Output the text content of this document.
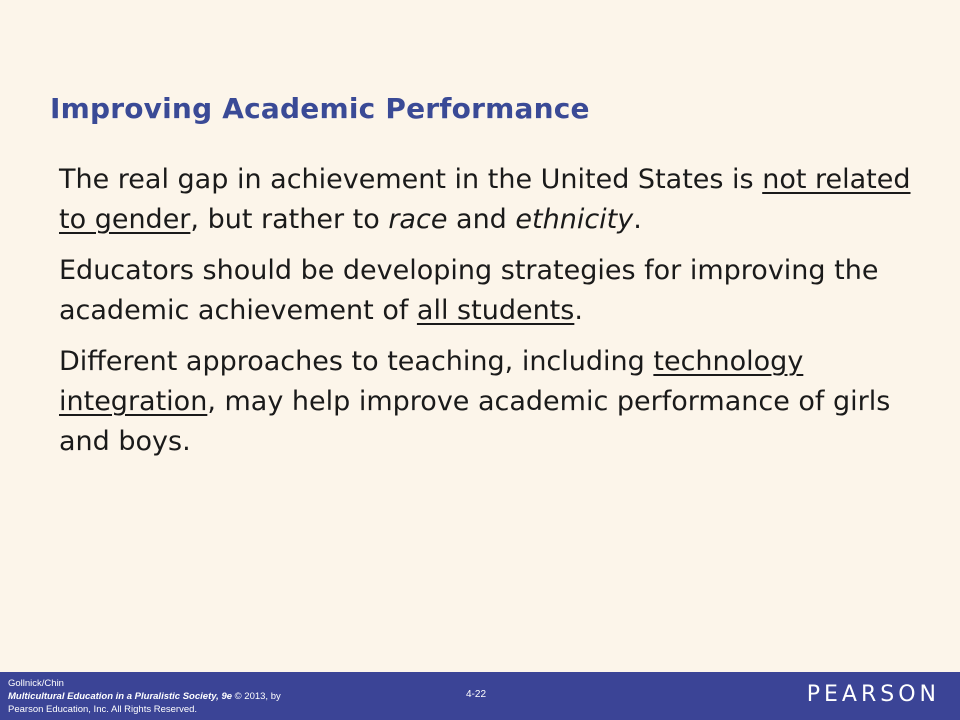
Improving Academic Performance

The real gap in achievement in the United States is not related to gender, but rather to race and ethnicity.

Educators should be developing strategies for improving the academic achievement of all students.

Different approaches to teaching, including technology integration, may help improve academic performance of girls and boys.

Gollnick/Chin
Multicultural Education in a Pluralistic Society, 9e © 2013, by
Pearson Education, Inc. All Rights Reserved.
4-22	PEARSON
